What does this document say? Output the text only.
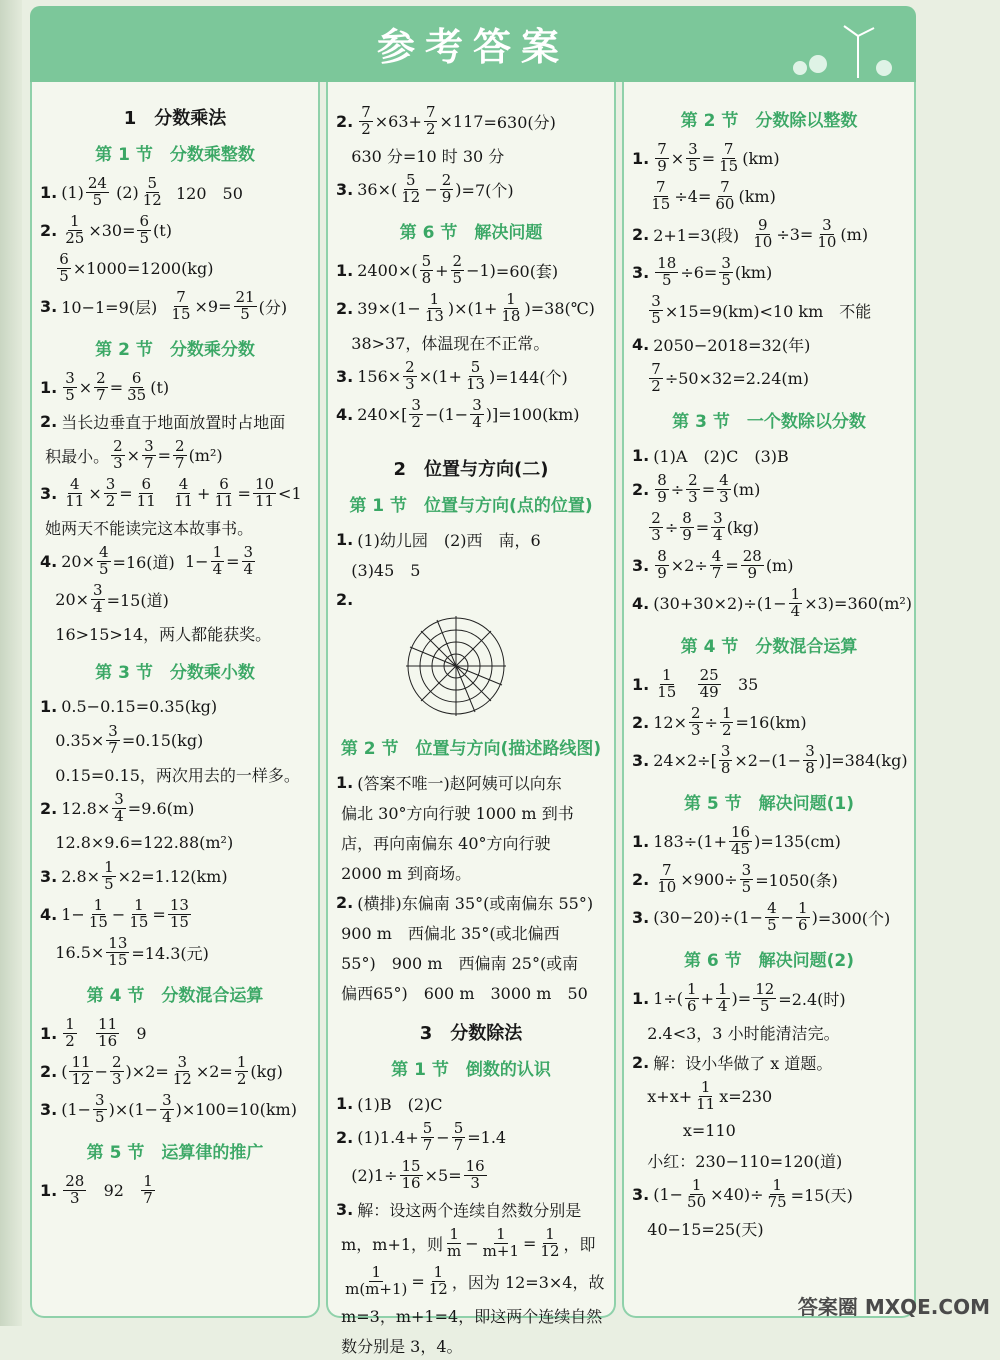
参考答案
1　分数乘法
第 1 节　分数乘整数
1. $(1) \frac{24}{5} (2) \frac{5}{12}$
120　50
2. $\frac{1}{25} \times 30= \frac{6}{5} (t)$

$\frac{6}{5} \times 1000=1200(kg)$
3. 10−1=9(层)
$\frac{7}{15} \times 9= \frac{21}{5}$ (分)
第 2 节　分数乘分数
1. $\frac{3}{5} \times \frac{2}{7} = \frac{6}{35} (t)$
2. 当长边垂直于地面放置时占地面

积最小。 $\frac{2}{3} \times \frac{3}{7} = \frac{2}{7} (m^2)$
3. $\frac{4}{11} \times \frac{3}{2} = \frac{6}{11}$
$\frac{4}{11} + \frac{6}{11} = \frac{10}{11} <1$

她两天不能读完这本故事书。
4. $20\times \frac{4}{5} =16$(道) $1- \frac{1}{4} = \frac{3}{4}$
$20\times \frac{3}{4} =15$(道)

16>15>14，两人都能获奖。
第 3 节　分数乘小数
1. 0.5−0.15=0.35(kg)
$0.35\times \frac{3}{7} =0.15(kg)$

0.15=0.15，两次用去的一样多。
2. $12.8\times \frac{3}{4} =9.6(m)$

12.8×9.6=122.88(m²)
3. $2.8\times \frac{1}{5} \times 2=1.12(km)$
4. $1- \frac{1}{15} - \frac{1}{15} = \frac{13}{15}$
$16.5\times \frac{13}{15} =14.3$(元)
第 4 节　分数混合运算
1. $\frac{1}{2}$
$\frac{11}{16}$
9
2. ( $\frac{11}{12} - \frac{2}{3} )\times 2= \frac{3}{12} \times 2= \frac{1}{2} (kg)$
3. $(1- \frac{3}{5} )\times(1- \frac{3}{4}$ ) ×100=10(km)
第 5 节　运算律的推广
1. $\frac{28}{3}$
92
$\frac{1}{7}$
2. $\frac{7}{2} \times 63+ \frac{7}{2} \times 117 =630$(分)

630 分=10 时 30 分
3. $36\times( \frac{5}{12} - \frac{2}{9}$ ) =7(个)
第 6 节　解决问题
1. $2400\times( \frac{5}{8} + \frac{2}{5} -1) =60$(套)
2. $39\times(1- \frac{1}{13} )\times(1+ \frac{1}{18}$ ) =38(℃)

38>37，体温现在不正常。
3. $156\times \frac{2}{3} \times(1+ \frac{5}{13}$ ) =144(个)
4. $240\times[ \frac{3}{2} -(1- \frac{3}{4}$ )] =100(km)
2　位置与方向(二)
第 1 节　位置与方向(点的位置)
1. (1)幼儿园　(2)西　南，6

(3)45　5
2.
第 2 节　位置与方向(描述路线图)
1. (答案不唯一)赵阿姨可以向东

偏北 30°方向行驶 1000 m 到书

店，再向南偏东 40°方向行驶

2000 m 到商场。
2. (横排)东偏南 35°(或南偏东 55°)

900 m　西偏北 35°(或北偏西

55°)　900 m　西偏南 25°(或南

偏西65°)　600 m　3000 m　50
3　分数除法
第 1 节　倒数的认识
1. (1)B　(2)C
2. $(1)1.4+ \frac{5}{7} - \frac{5}{7} =1.4$
$(2)1\div \frac{15}{16} \times 5= \frac{16}{3}$
3. 解：设这两个连续自然数分别是

m，m+1，则 $\frac{1}{m} - \frac{1}{m+1} = \frac{1}{12}$ ，即

$\frac{1}{m(m+1)} = \frac{1}{12}$ ，因为 12=3×4，故

m=3，m+1=4，即这两个连续自然

数分别是 3，4。
第 2 节　分数除以整数
1. $\frac{7}{9} \times \frac{3}{5} = \frac{7}{15} (km)$

$\frac{7}{15} \div 4= \frac{7}{60} (km)$
2. 2+1=3(段)
$\frac{9}{10} \div 3= \frac{3}{10} (m)$
3. $\frac{18}{5} \div 6= \frac{3}{5} (km)$

$\frac{3}{5} \times 15=9(km)<10$ km　不能
4. 2050−2018=32(年)

$\frac{7}{2} \div 50\times 32=2.24(m)$
第 3 节　一个数除以分数
1. (1)A　(2)C　(3)B
2. $\frac{8}{9} \div \frac{2}{3} = \frac{4}{3} (m)$

$\frac{2}{3} \div \frac{8}{9} = \frac{3}{4} (kg)$
3. $\frac{8}{9} \times 2\div \frac{4}{7} = \frac{28}{9} (m)$
4. $(30+30\times 2)\div (1- \frac{1}{4} \times 3) =360(m^2)$
第 4 节　分数混合运算
1. $\frac{1}{15}$
$\frac{25}{49}$
35
2. $12\times \frac{2}{3} \div \frac{1}{2} =16(km)$
3. $24\times 2\div[ \frac{3}{8} \times 2-(1- \frac{3}{8}$ )] =384(kg)
第 5 节　解决问题(1)
1. $183\div(1+ \frac{16}{45}$ ) =135(cm)
2. $\frac{7}{10} \times 900\div \frac{3}{5} =1050$(条)
3. $(30-20)\div(1- \frac{4}{5} - \frac{1}{6}$ ) =300(个)
第 6 节　解决问题(2)
1. $1\div( \frac{1}{6} + \frac{1}{4}$ )= $\frac{12}{5} =2.4$(时)

2.4<3，3 小时能清洁完。
2. 解：设小华做了 x 道题。
$x+x+ \frac{1}{11} x=230$

x=110

小红：230−110=120(道)
3. $(1- \frac{1}{50} \times 40)\div \frac{1}{75} =15$(天)

40−15=25(天)
答案圈 MXQE.COM
